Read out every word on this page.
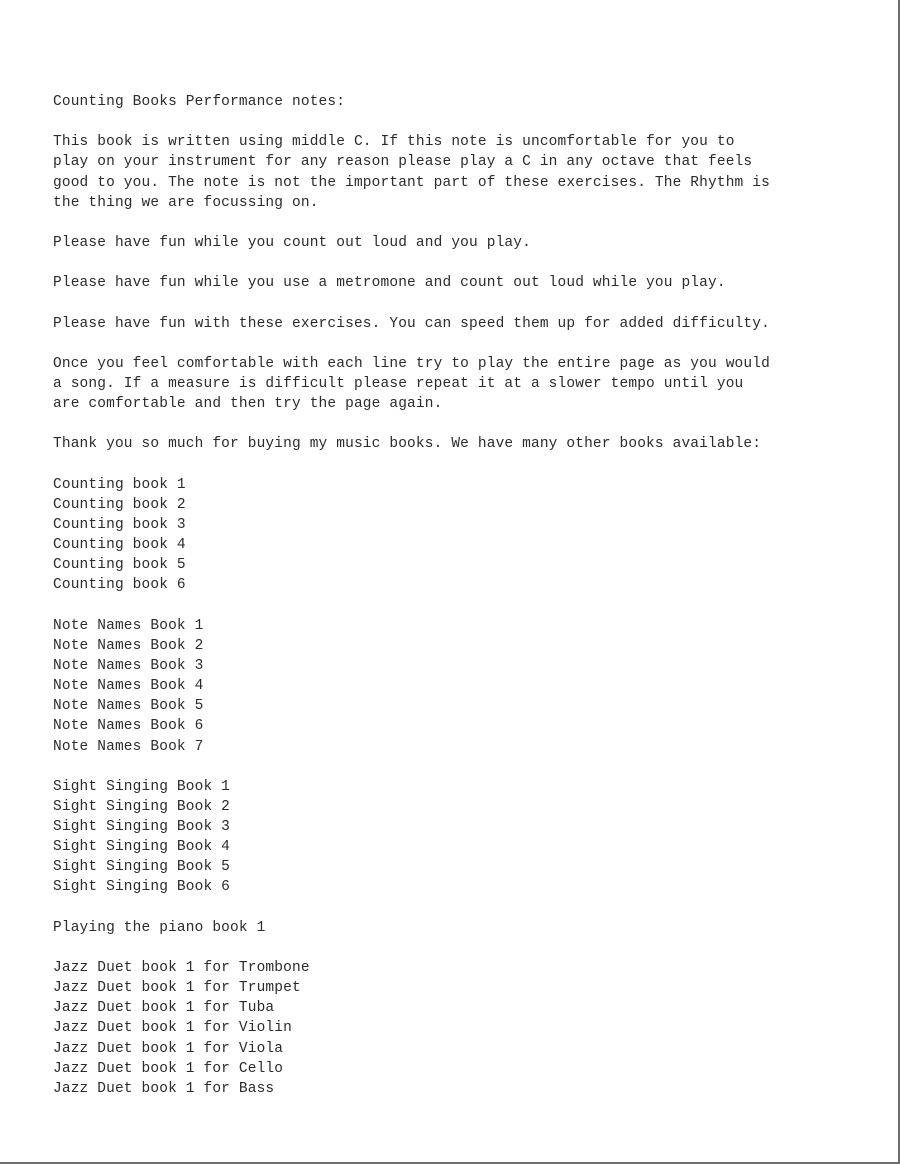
Counting Books Performance notes:
This book is written using middle C. If this note is uncomfortable for you to
play on your instrument for any reason please play a C in any octave that feels
good to you. The note is not the important part of these exercises. The Rhythm is
the thing we are focussing on.
Please have fun while you count out loud and you play.
Please have fun while you use a metromone and count out loud while you play.
Please have fun with these exercises. You can speed them up for added difficulty.
Once you feel comfortable with each line try to play the entire page as you would
a song. If a measure is difficult please repeat it at a slower tempo until you
are comfortable and then try the page again.
Thank you so much for buying my music books. We have many other books available:
Counting book 1
Counting book 2
Counting book 3
Counting book 4
Counting book 5
Counting book 6
Note Names Book 1
Note Names Book 2
Note Names Book 3
Note Names Book 4
Note Names Book 5
Note Names Book 6
Note Names Book 7
Sight Singing Book 1
Sight Singing Book 2
Sight Singing Book 3
Sight Singing Book 4
Sight Singing Book 5
Sight Singing Book 6
Playing the piano book 1
Jazz Duet book 1 for Trombone
Jazz Duet book 1 for Trumpet
Jazz Duet book 1 for Tuba
Jazz Duet book 1 for Violin
Jazz Duet book 1 for Viola
Jazz Duet book 1 for Cello
Jazz Duet book 1 for Bass
